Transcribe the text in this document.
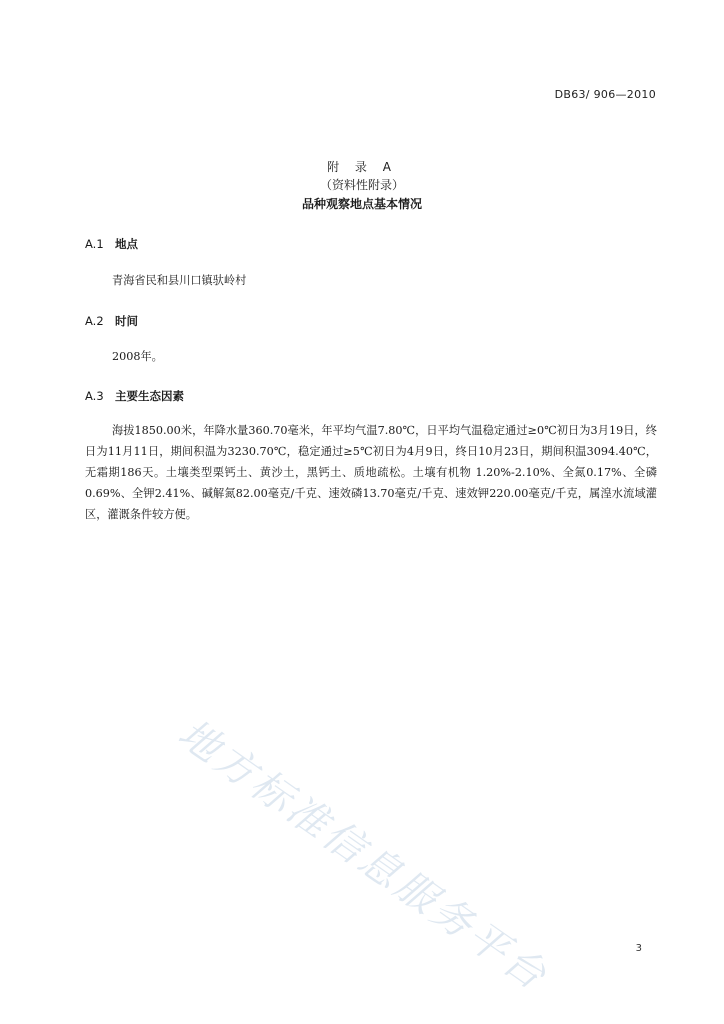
DB63/ 906—2010
附 录 A
（资料性附录）
品种观察地点基本情况
A.1 地点
青海省民和县川口镇驮岭村
A.2 时间
2008年。
A.3 主要生态因素
海拔1850.00米，年降水量360.70毫米，年平均气温7.80℃，日平均气温稳定通过≥0℃初日为3月19日，终日为11月11日，期间积温为3230.70℃，稳定通过≥5℃初日为4月9日，终日10月23日，期间积温3094.40℃，无霜期186天。土壤类型栗钙土、黄沙土，黑钙土、质地疏松。土壤有机物 1.20%-2.10%、全氮0.17%、全磷0.69%、全钾2.41%、碱解氮82.00毫克/千克、速效磷13.70毫克/千克、速效钾220.00毫克/千克，属湟水流域灌区，灌溉条件较方便。
地方标准信息服务平台	3
